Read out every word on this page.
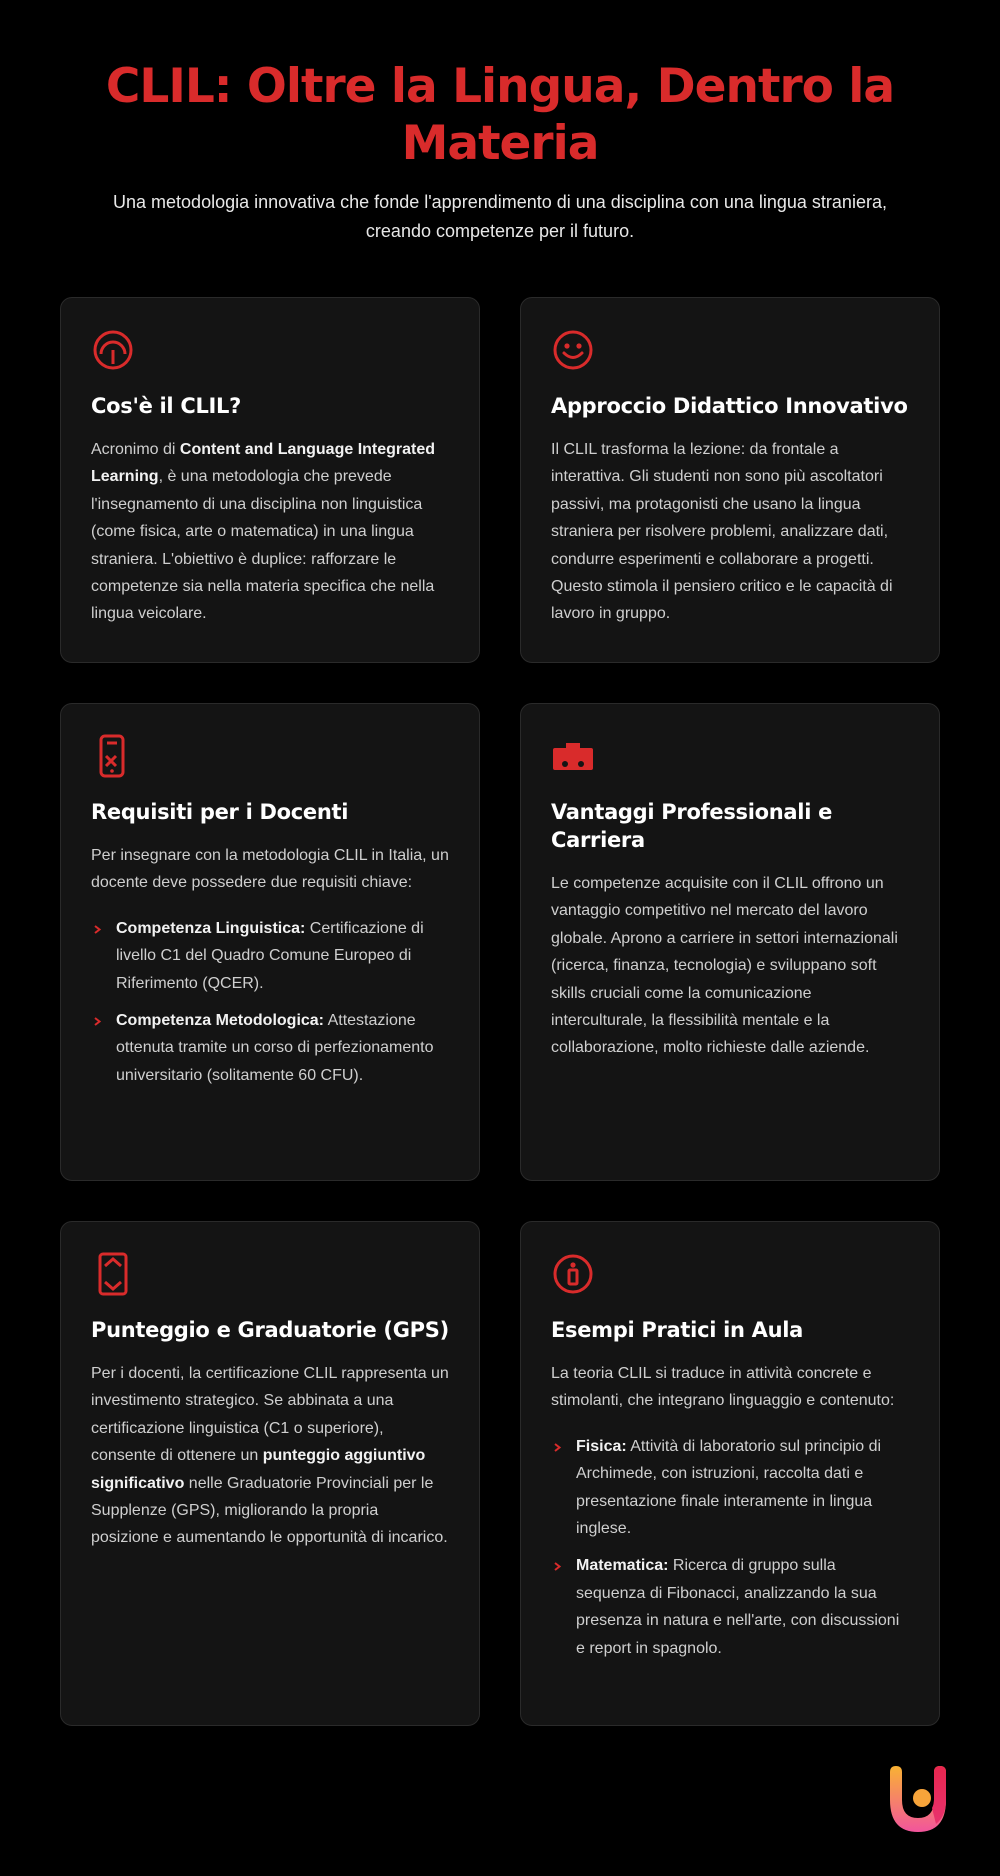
CLIL: Oltre la Lingua, Dentro la Materia
Una metodologia innovativa che fonde l'apprendimento di una disciplina con una lingua straniera, creando competenze per il futuro.
Cos'è il CLIL?

Acronimo di Content and Language Integrated Learning, è una metodologia che prevede l'insegnamento di una disciplina non linguistica (come fisica, arte o matematica) in una lingua straniera. L'obiettivo è duplice: rafforzare le competenze sia nella materia specifica che nella lingua veicolare.

Approccio Didattico Innovativo

Il CLIL trasforma la lezione: da frontale a interattiva. Gli studenti non sono più ascoltatori passivi, ma protagonisti che usano la lingua straniera per risolvere problemi, analizzare dati, condurre esperimenti e collaborare a progetti. Questo stimola il pensiero critico e le capacità di lavoro in gruppo.

Requisiti per i Docenti

Per insegnare con la metodologia CLIL in Italia, un docente deve possedere due requisiti chiave:

Competenza Linguistica: Certificazione di livello C1 del Quadro Comune Europeo di Riferimento (QCER).
Competenza Metodologica: Attestazione ottenuta tramite un corso di perfezionamento universitario (solitamente 60 CFU).
Vantaggi Professionali e Carriera

Le competenze acquisite con il CLIL offrono un vantaggio competitivo nel mercato del lavoro globale. Aprono a carriere in settori internazionali (ricerca, finanza, tecnologia) e sviluppano soft skills cruciali come la comunicazione interculturale, la flessibilità mentale e la collaborazione, molto richieste dalle aziende.

Punteggio e Graduatorie (GPS)

Per i docenti, la certificazione CLIL rappresenta un investimento strategico. Se abbinata a una certificazione linguistica (C1 o superiore), consente di ottenere un punteggio aggiuntivo significativo nelle Graduatorie Provinciali per le Supplenze (GPS), migliorando la propria posizione e aumentando le opportunità di incarico.

Esempi Pratici in Aula

La teoria CLIL si traduce in attività concrete e stimolanti, che integrano linguaggio e contenuto:

Fisica: Attività di laboratorio sul principio di Archimede, con istruzioni, raccolta dati e presentazione finale interamente in lingua inglese.
Matematica: Ricerca di gruppo sulla sequenza di Fibonacci, analizzando la sua presenza in natura e nell'arte, con discussioni e report in spagnolo.
